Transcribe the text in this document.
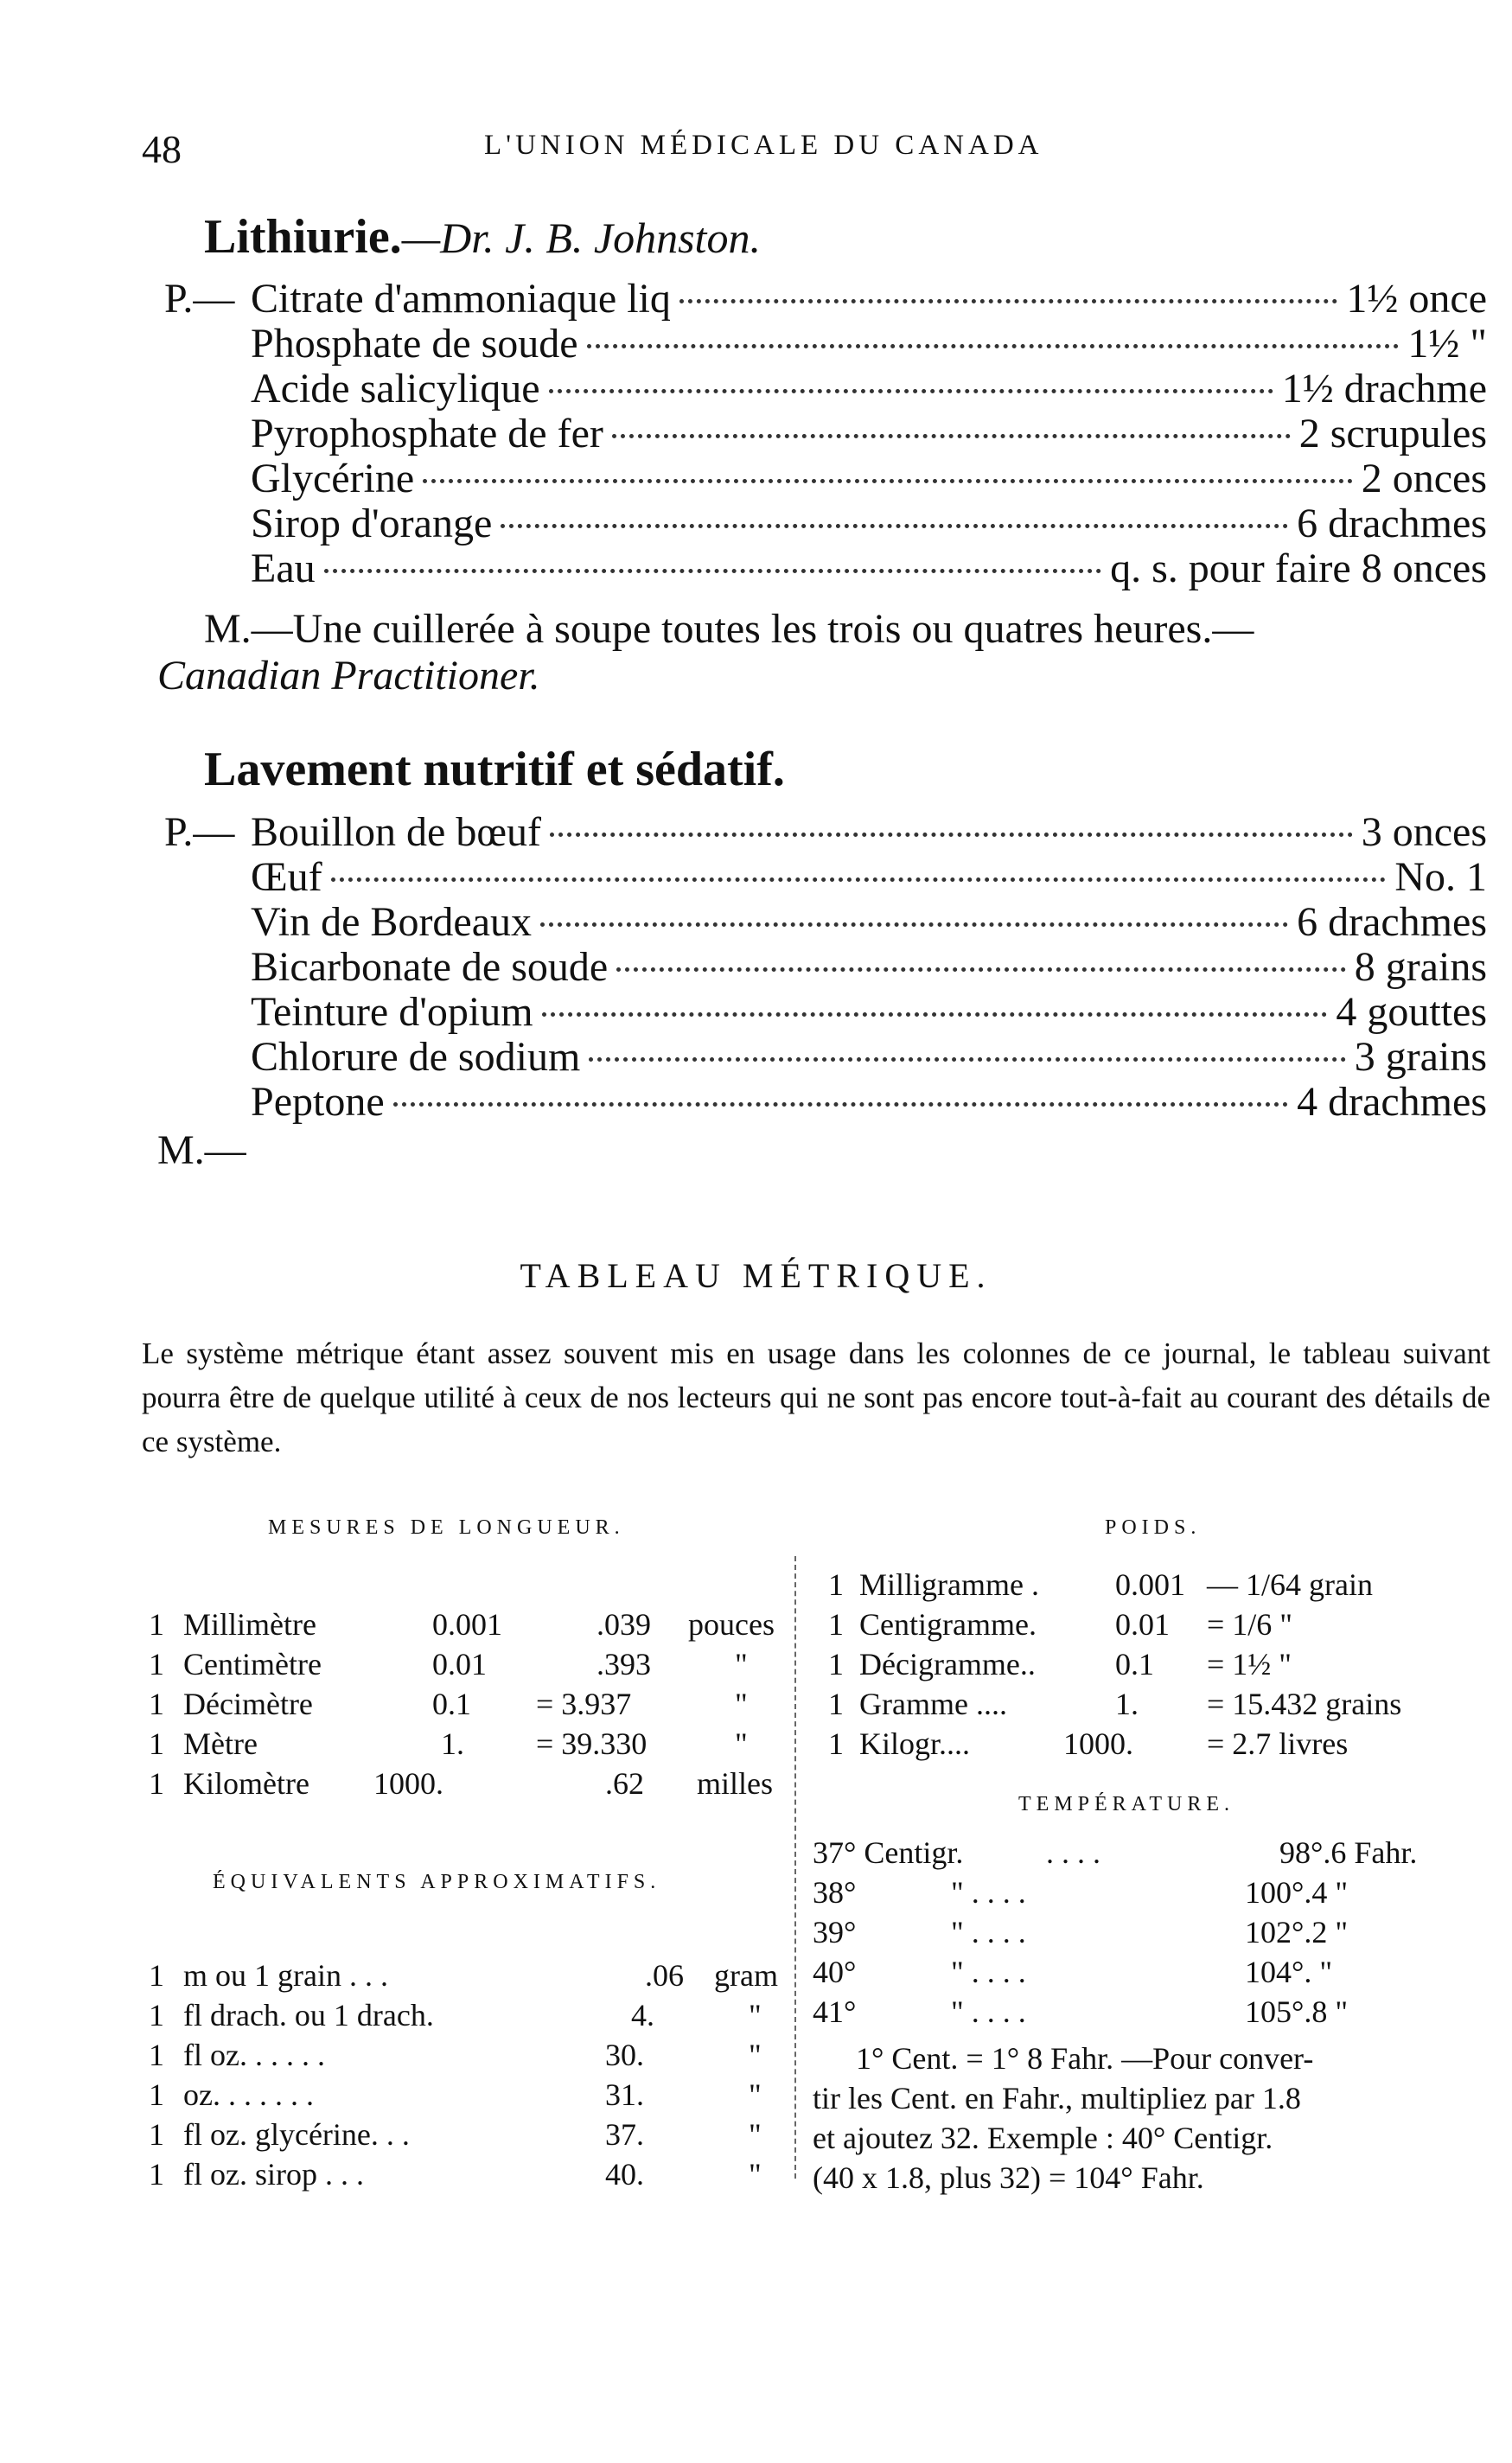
48	L'UNION MÉDICALE DU CANADA
Lithiurie.—Dr. J. B. Johnston.
P.— Citrate d'ammoniaque liq	1½ once
Phosphate de soude	1½ "
Acide salicylique	1½ drachme
Pyrophosphate de fer	2 scrupules
Glycérine	2 onces
Sirop d'orange	6 drachmes
Eau	q. s. pour faire 8 onces
M.—Une cuillerée à soupe toutes les trois ou quatres heures.—
Canadian Practitioner.
Lavement nutritif et sédatif.
P.— Bouillon de bœuf	3 onces
Œuf	No. 1
Vin de Bordeaux	6 drachmes
Bicarbonate de soude	8 grains
Teinture d'opium	4 gouttes
Chlorure de sodium	3 grains
Peptone	4 drachmes
M.—
TABLEAU MÉTRIQUE.
Le système métrique étant assez souvent mis en usage dans les colonnes de ce journal, le tableau suivant pourra être de quelque utilité à ceux de nos lecteurs qui ne sont pas encore tout-à-fait au courant des détails de ce système.
MESURES DE LONGUEUR.	POIDS.
1 Millimètre	0.001	.039 pouces
1 Centimètre	0.01	.393	"
1 Décimètre	0.1 = 3.937	"
1 Mètre	1. = 39.330	"
1 Kilomètre 1000.	.62 milles
1 Milligramme . 0.001 — 1/64 grain
1 Centigramme.	0.01 = 1/6 "
1 Décigramme..	0.1 = 1½ "
1 Gramme ....	1. = 15.432 grains
1 Kilogr....	1000. = 2.7 livres
TEMPÉRATURE.
37° Centigr.	. . . .	98°.6 Fahr.
38°	" . . . .	100°.4 "
39°	" . . . .	102°.2 "
40°	" . . . .	104°. "
41°	" . . . .	105°.8 "
1° Cent. = 1° 8 Fahr. —Pour conver-
tir les Cent. en Fahr., multipliez par 1.8
et ajoutez 32. Exemple : 40° Centigr.
(40 x 1.8, plus 32) = 104° Fahr.
ÉQUIVALENTS APPROXIMATIFS.
1 m ou 1 grain . . .	.06 gram
1 fl drach. ou 1 drach.	4.	"
1 fl oz. . . . . .	30.	"
1 oz. . . . . . .	31.	"
1 fl oz. glycérine. . .	37.	"
1 fl oz. sirop . . .	40.	"
